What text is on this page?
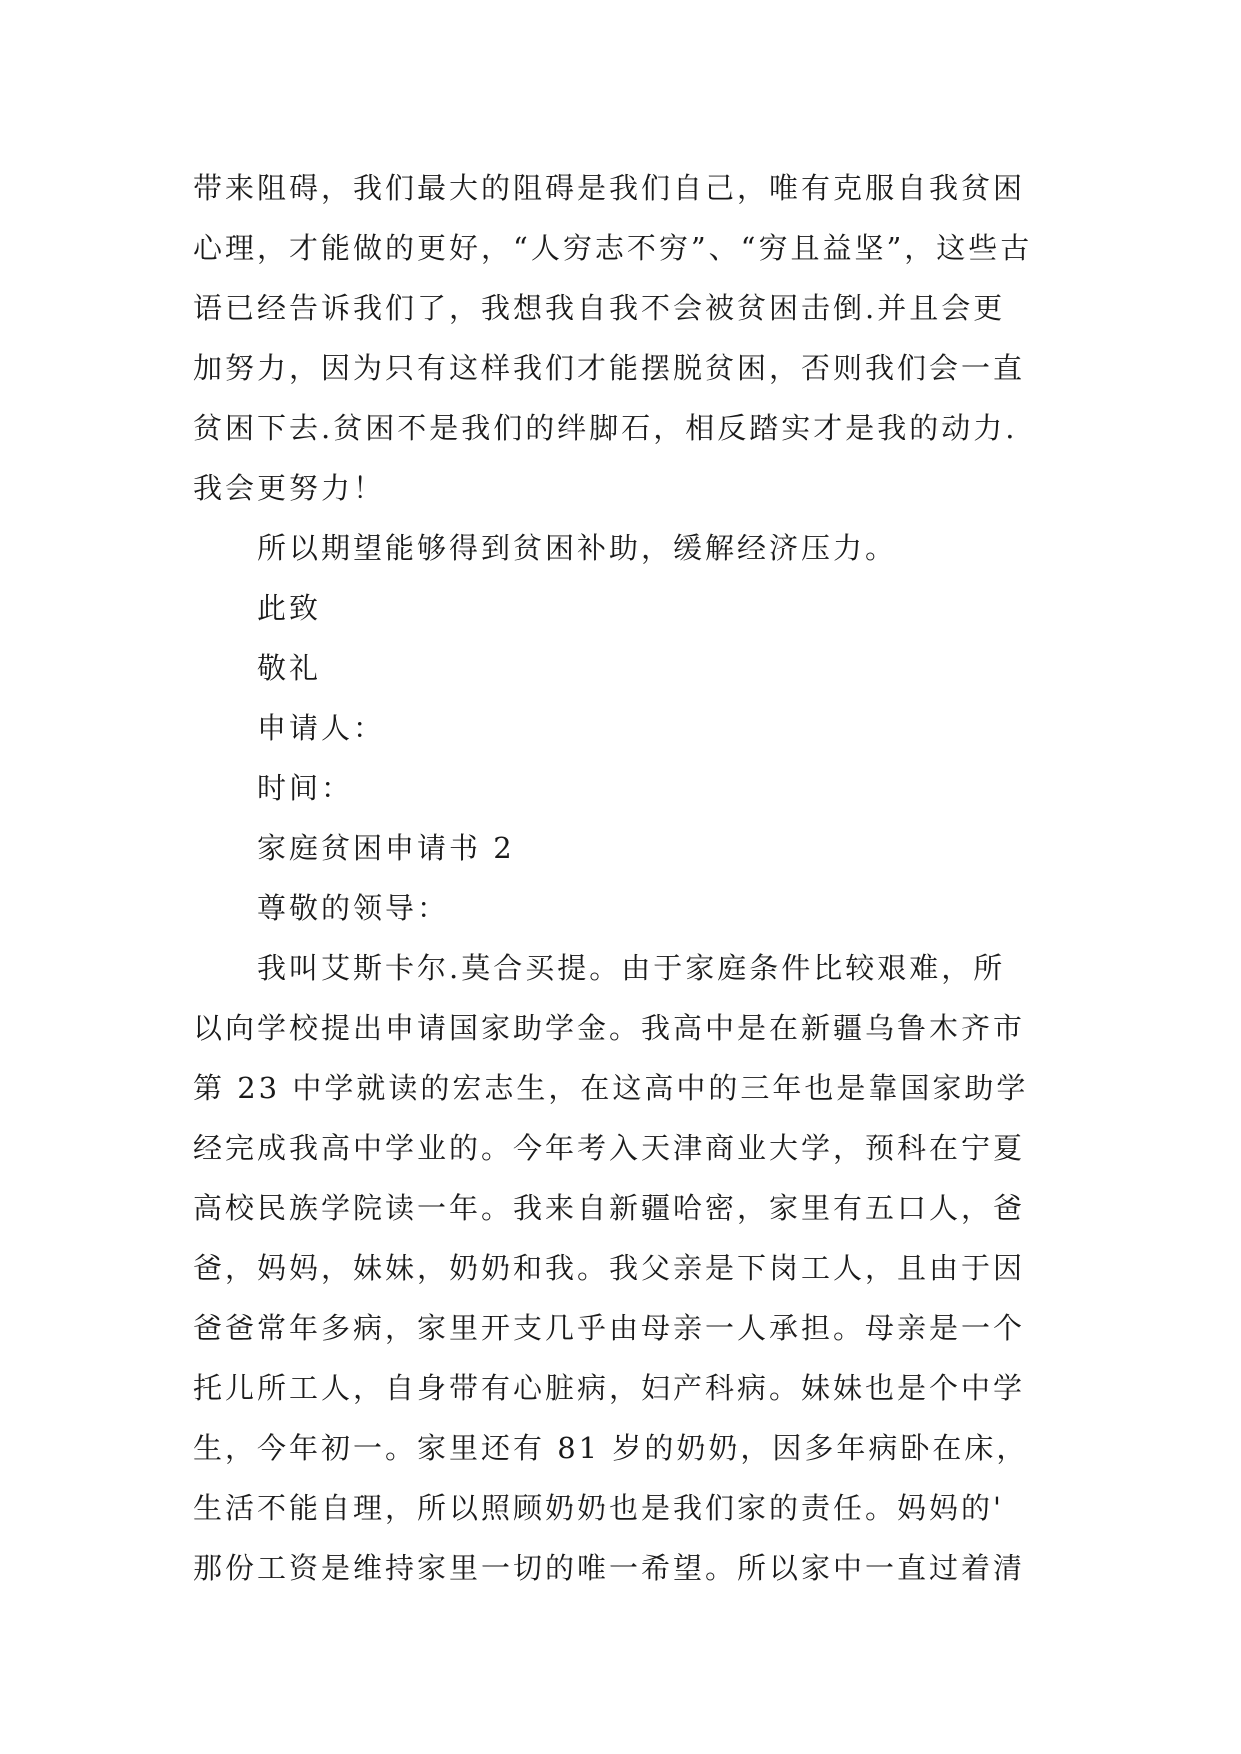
带来阻碍，我们最大的阻碍是我们自己，唯有克服自我贫困
心理，才能做的更好，“人穷志不穷”、“穷且益坚”，这些古
语已经告诉我们了，我想我自我不会被贫困击倒.并且会更
加努力，因为只有这样我们才能摆脱贫困，否则我们会一直
贫困下去.贫困不是我们的绊脚石，相反踏实才是我的动力.
我会更努力！
所以期望能够得到贫困补助，缓解经济压力。
此致
敬礼
申请人：
时间：
家庭贫困申请书 2
尊敬的领导：
我叫艾斯卡尔.莫合买提。由于家庭条件比较艰难，所
以向学校提出申请国家助学金。我高中是在新疆乌鲁木齐市
第 23 中学就读的宏志生，在这高中的三年也是靠国家助学
经完成我高中学业的。今年考入天津商业大学，预科在宁夏
高校民族学院读一年。我来自新疆哈密，家里有五口人，爸
爸，妈妈，妹妹，奶奶和我。我父亲是下岗工人，且由于因
爸爸常年多病，家里开支几乎由母亲一人承担。母亲是一个
托儿所工人，自身带有心脏病，妇产科病。妹妹也是个中学
生，今年初一。家里还有 81 岁的奶奶，因多年病卧在床，
生活不能自理，所以照顾奶奶也是我们家的责任。妈妈的'
那份工资是维持家里一切的唯一希望。所以家中一直过着清
